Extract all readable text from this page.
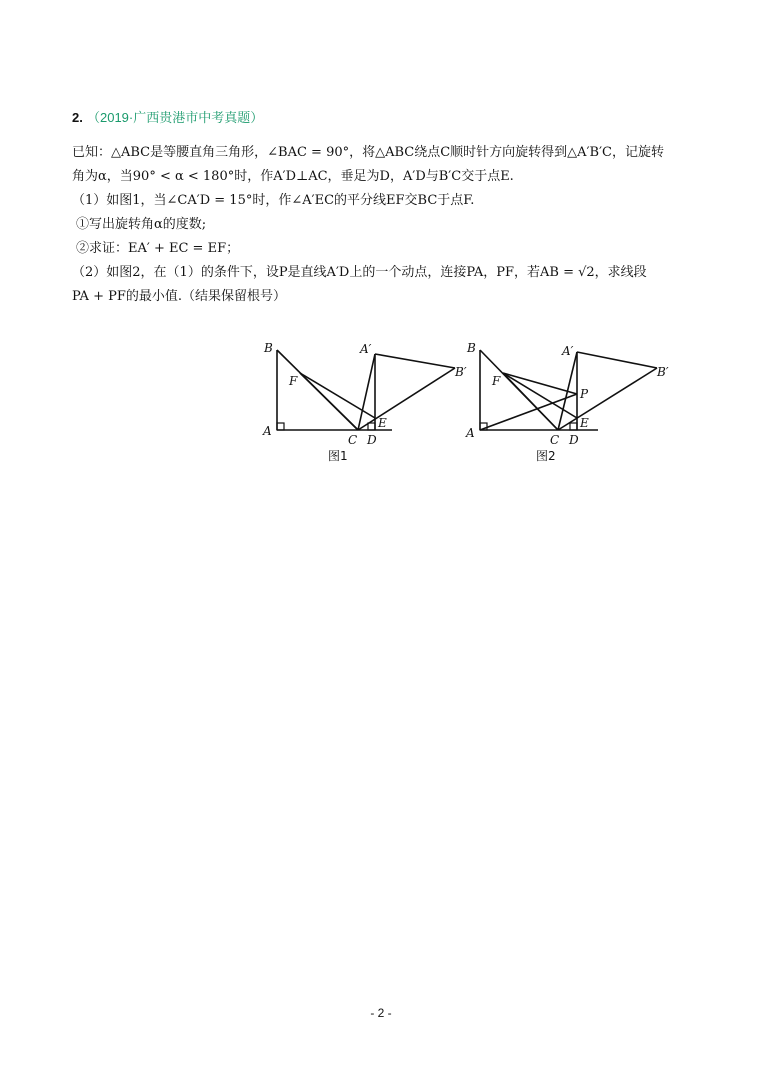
2. （2019·广西贵港市中考真题）
已知：△ABC是等腰直角三角形，∠BAC = 90°，将△ABC绕点C顺时针方向旋转得到△A′B′C，记旋转
角为α，当90° < α < 180°时，作A′D⊥AC，垂足为D，A′D与B′C交于点E.
（1）如图1，当∠CA′D = 15°时，作∠A′EC的平分线EF交BC于点F.
①写出旋转角α的度数;
②求证：EA′ + EC = EF；
（2）如图2，在（1）的条件下，设P是直线A′D上的一个动点，连接PA，PF，若AB = √2，求线段
PA + PF的最小值.（结果保留根号）
B
F
A
C D
E
A′
B′
图1
B
F
A	C D
E
P
A′
B′
图2
- 2 -
